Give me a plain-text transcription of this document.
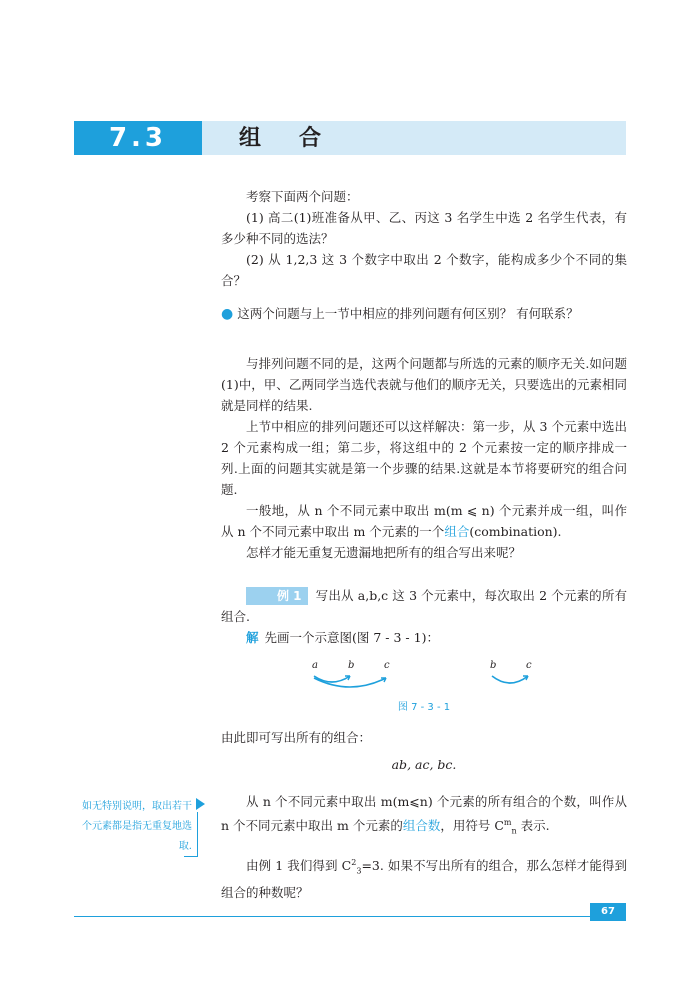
7.3	组合
考察下面两个问题：
(1) 高二(1)班准备从甲、乙、丙这 3 名学生中选 2 名学生代表，有多少种不同的选法？
(2) 从 1,2,3 这 3 个数字中取出 2 个数字，能构成多少个不同的集合？
● 这两个问题与上一节中相应的排列问题有何区别？ 有何联系？
与排列问题不同的是，这两个问题都与所选的元素的顺序无关.如问题(1)中，甲、乙两同学当选代表就与他们的顺序无关，只要选出的元素相同就是同样的结果.
上节中相应的排列问题还可以这样解决：第一步，从 3 个元素中选出 2 个元素构成一组；第二步，将这组中的 2 个元素按一定的顺序排成一列.上面的问题其实就是第一个步骤的结果.这就是本节将要研究的组合问题.
一般地，从 n 个不同元素中取出 m(m ⩽ n) 个元素并成一组，叫作从 n 个不同元素中取出 m 个元素的一个组合(combination).
怎样才能无重复无遗漏地把所有的组合写出来呢？
例 1 写出从 a,b,c 这 3 个元素中，每次取出 2 个元素的所有组合.
解 先画一个示意图(图 7 - 3 - 1)：
a	b	c	b	c
图 7 - 3 - 1
由此即可写出所有的组合：
ab, ac, bc.
从 n 个不同元素中取出 m(m⩽n) 个元素的所有组合的个数，叫作从 n 个不同元素中取出 m 个元素的组合数，用符号 $C^m_n$ 表示.
如无特别说明，取出若干个元素都是指无重复地选取.
由例 1 我们得到 $C^2_3=3$. 如果不写出所有的组合，那么怎样才能得到组合的种数呢？
67
